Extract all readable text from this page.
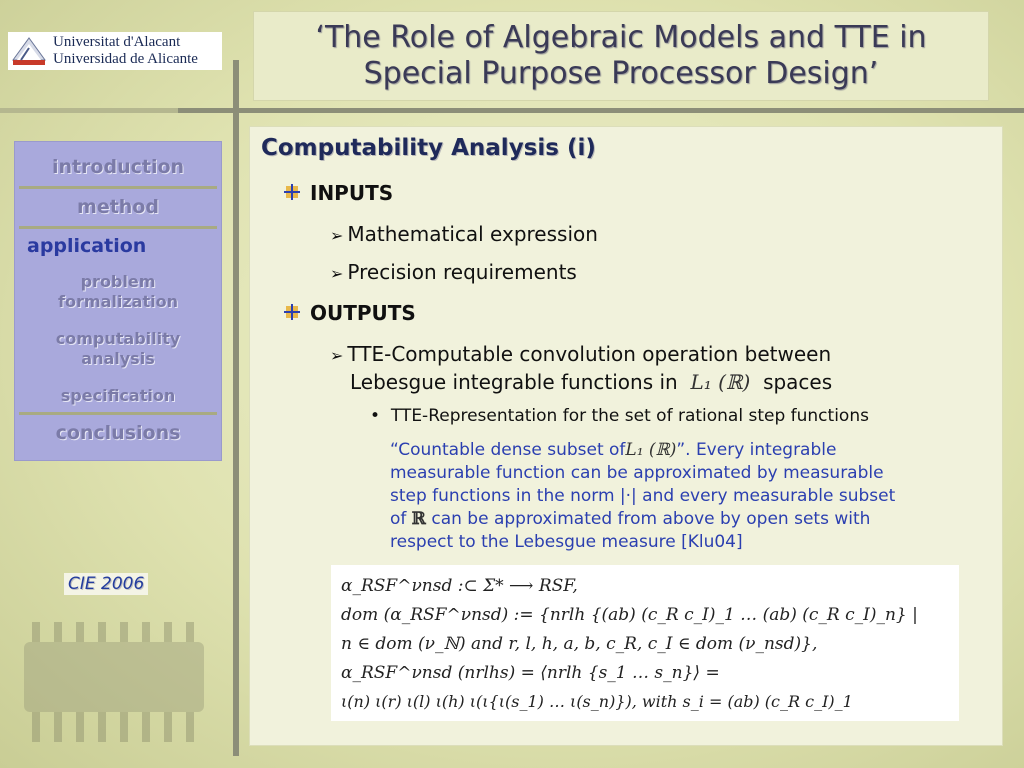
Universitat d'Alacant
Universidad de Alicante
‘The Role of Algebraic Models and TTE in
Special Purpose Processor Design’
introduction
method
application
problem
formalization
computability
analysis
specification
conclusions
CIE 2006
Computability Analysis (i)
INPUTS
➢ Mathematical expression
➢ Precision requirements
OUTPUTS
➢ TTE-Computable convolution operation between
Lebesgue integrable functions in L₁ (ℝ) spaces
•  TTE-Representation for the set of rational step functions
“Countable dense subset ofL₁ (ℝ)”. Every integrable
measurable function can be approximated by measurable
step functions in the norm |·| and every measurable subset
of ℝ can be approximated from above by open sets with
respect to the Lebesgue measure [Klu04]
α_RSF^νnsd :⊂ Σ* ⟶ RSF,
dom (α_RSF^νnsd) := {nrlh {(ab) (c_R c_I)_1 … (ab) (c_R c_I)_n} |
n ∈ dom (ν_ℕ) and r, l, h, a, b, c_R, c_I ∈ dom (ν_nsd)},
α_RSF^νnsd (nrlhs) = ⟨nrlh {s_1 … s_n}⟩ =
ι(n) ι(r) ι(l) ι(h) ι(ι{ι(s_1) … ι(s_n)}), with s_i = (ab) (c_R c_I)_1
